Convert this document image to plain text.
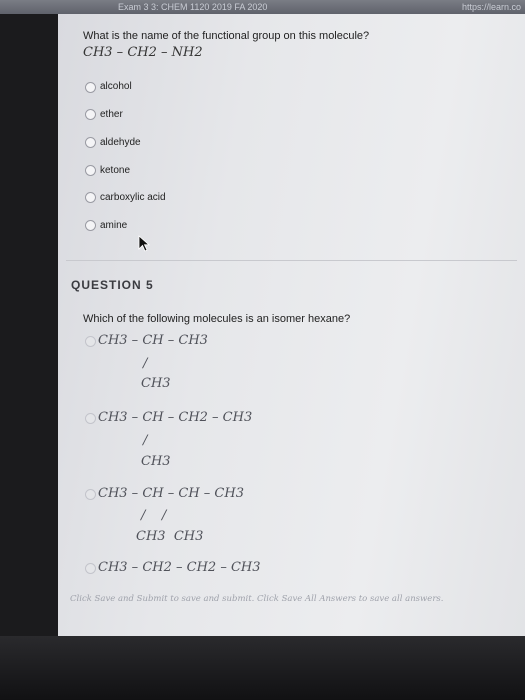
Exam 3 3: CHEM 1120 2019 FA 2020	https://learn.co
What is the name of the functional group on this molecule?
CH3 – CH2 – NH2
alcohol
ether
aldehyde
ketone
carboxylic acid
amine
QUESTION 5
Which of the following molecules is an isomer hexane?
CH3 – CH – CH3
/
CH3
CH3 – CH – CH2 – CH3
/
CH3
CH3 – CH – CH – CH3
/    /
CH3  CH3
CH3 – CH2 – CH2 – CH3
Click Save and Submit to save and submit. Click Save All Answers to save all answers.
